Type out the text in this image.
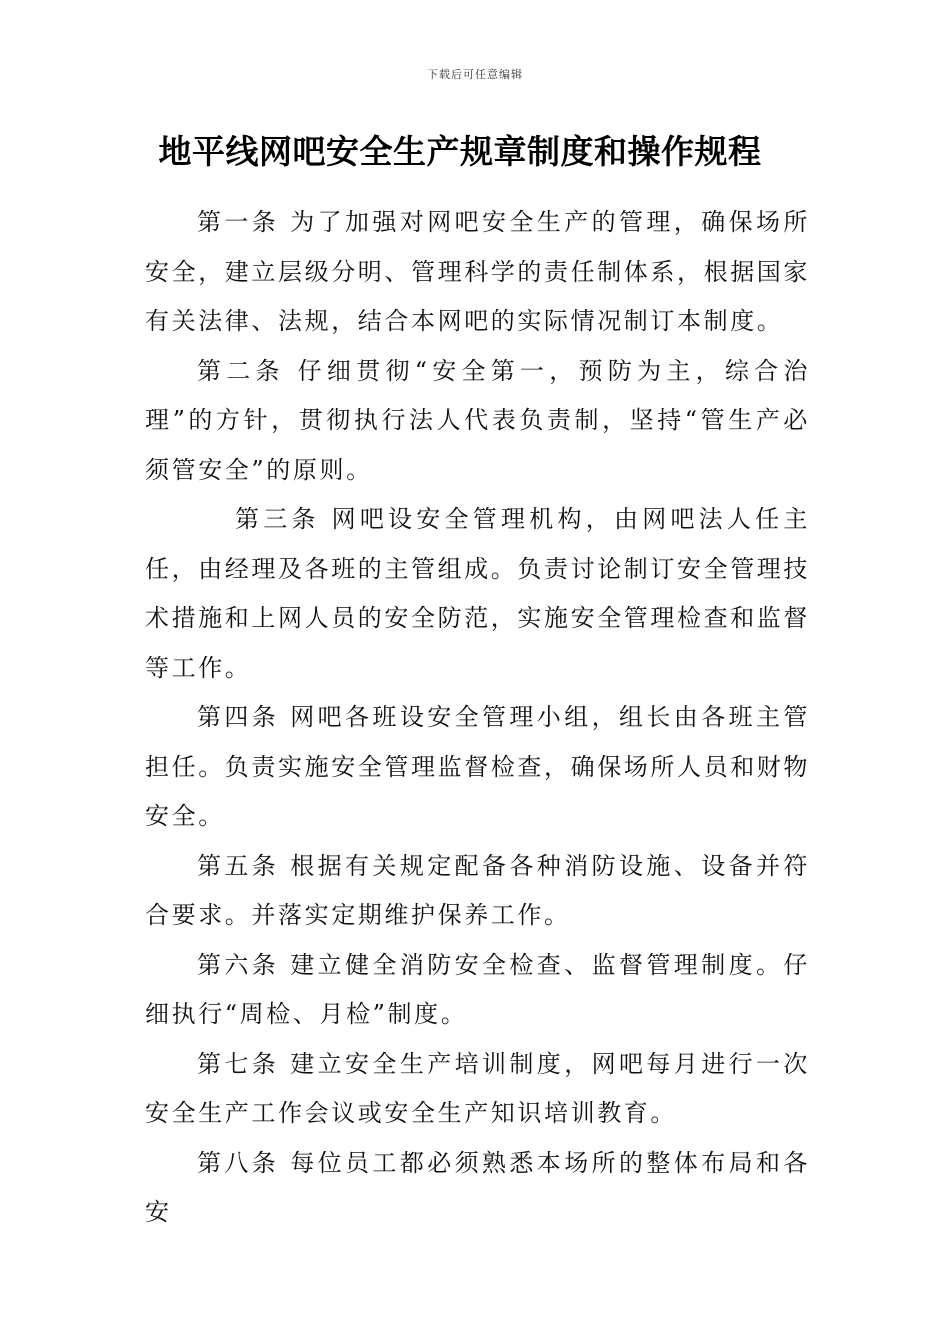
下载后可任意编辑
地平线网吧安全生产规章制度和操作规程

第一条 为了加强对网吧安全生产的管理，确保场所安全，建立层级分明、管理科学的责任制体系，根据国家有关法律、法规，结合本网吧的实际情况制订本制度。

第二条 仔细贯彻“安全第一，预防为主，综合治理”的方针，贯彻执行法人代表负责制，坚持“管生产必须管安全”的原则。

第三条 网吧设安全管理机构，由网吧法人任主任，由经理及各班的主管组成。负责讨论制订安全管理技术措施和上网人员的安全防范，实施安全管理检查和监督等工作。

第四条 网吧各班设安全管理小组，组长由各班主管担任。负责实施安全管理监督检查，确保场所人员和财物安全。

第五条 根据有关规定配备各种消防设施、设备并符合要求。并落实定期维护保养工作。

第六条 建立健全消防安全检查、监督管理制度。仔细执行“周检、月检”制度。

第七条 建立安全生产培训制度，网吧每月进行一次安全生产工作会议或安全生产知识培训教育。

第八条 每位员工都必须熟悉本场所的整体布局和各安
